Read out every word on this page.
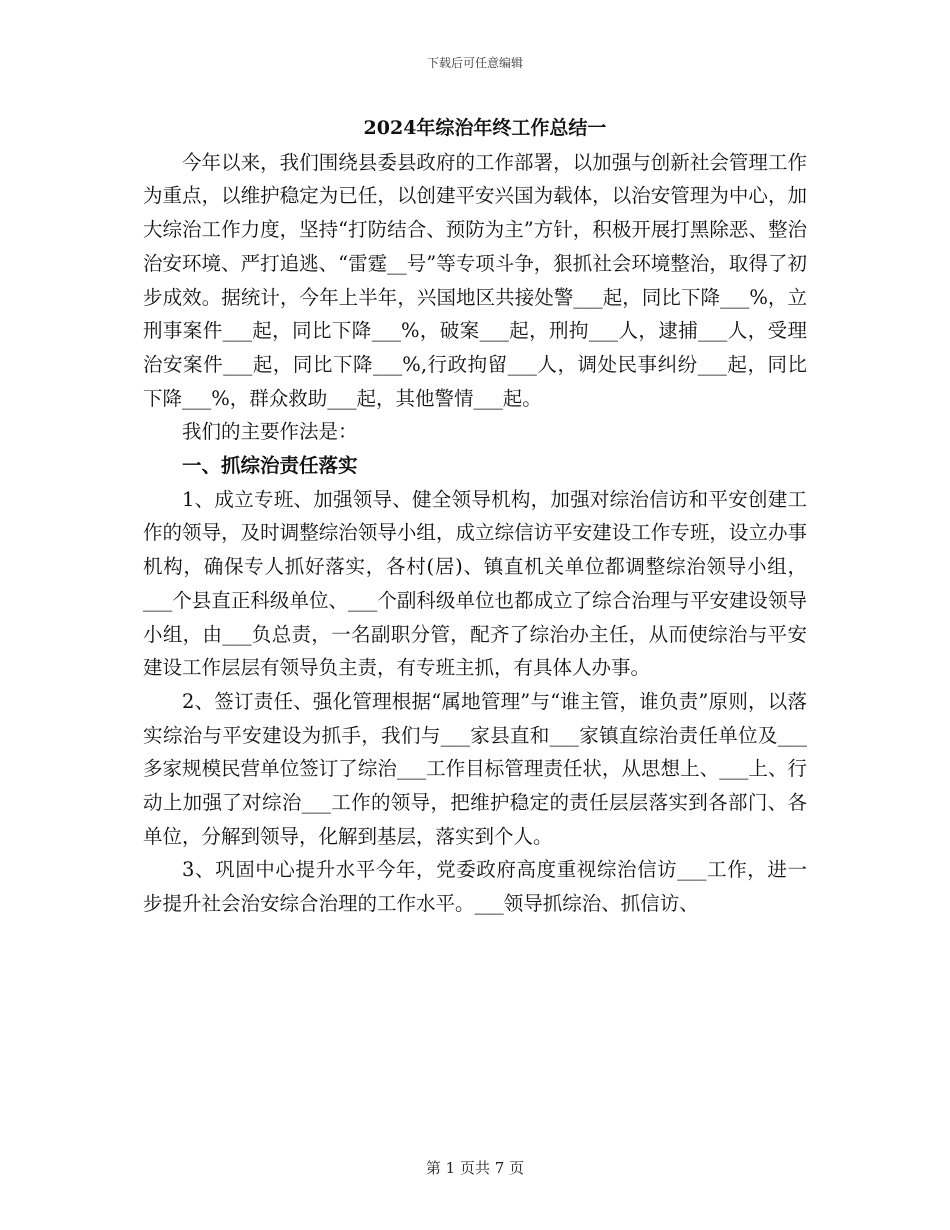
下载后可任意编辑

2024年综治年终工作总结一

今年以来，我们围绕县委县政府的工作部署，以加强与创新社会管理工作为重点，以维护稳定为已任，以创建平安兴国为载体，以治安管理为中心，加大综治工作力度，坚持“打防结合、预防为主”方针，积极开展打黑除恶、整治治安环境、严打追逃、“雷霆__号”等专项斗争，狠抓社会环境整治，取得了初步成效。据统计，今年上半年，兴国地区共接处警___起，同比下降___%，立刑事案件___起，同比下降___%，破案___起，刑拘___人，逮捕___人，受理治安案件___起，同比下降___%,行政拘留___人，调处民事纠纷___起，同比下降___%，群众救助___起，其他警情___起。

我们的主要作法是：

一、抓综治责任落实

1、成立专班、加强领导、健全领导机构，加强对综治信访和平安创建工作的领导，及时调整综治领导小组，成立综信访平安建设工作专班，设立办事机构，确保专人抓好落实，各村(居)、镇直机关单位都调整综治领导小组，___个县直正科级单位、___个副科级单位也都成立了综合治理与平安建设领导小组，由___负总责，一名副职分管，配齐了综治办主任，从而使综治与平安建设工作层层有领导负主责，有专班主抓，有具体人办事。

2、签订责任、强化管理根据“属地管理”与“谁主管，谁负责”原则，以落实综治与平安建设为抓手，我们与___家县直和___家镇直综治责任单位及___多家规模民营单位签订了综治___工作目标管理责任状，从思想上、___上、行动上加强了对综治___工作的领导，把维护稳定的责任层层落实到各部门、各单位，分解到领导，化解到基层，落实到个人。

3、巩固中心提升水平今年，党委政府高度重视综治信访___工作，进一步提升社会治安综合治理的工作水平。___领导抓综治、抓信访、

第 1 页共 7 页
